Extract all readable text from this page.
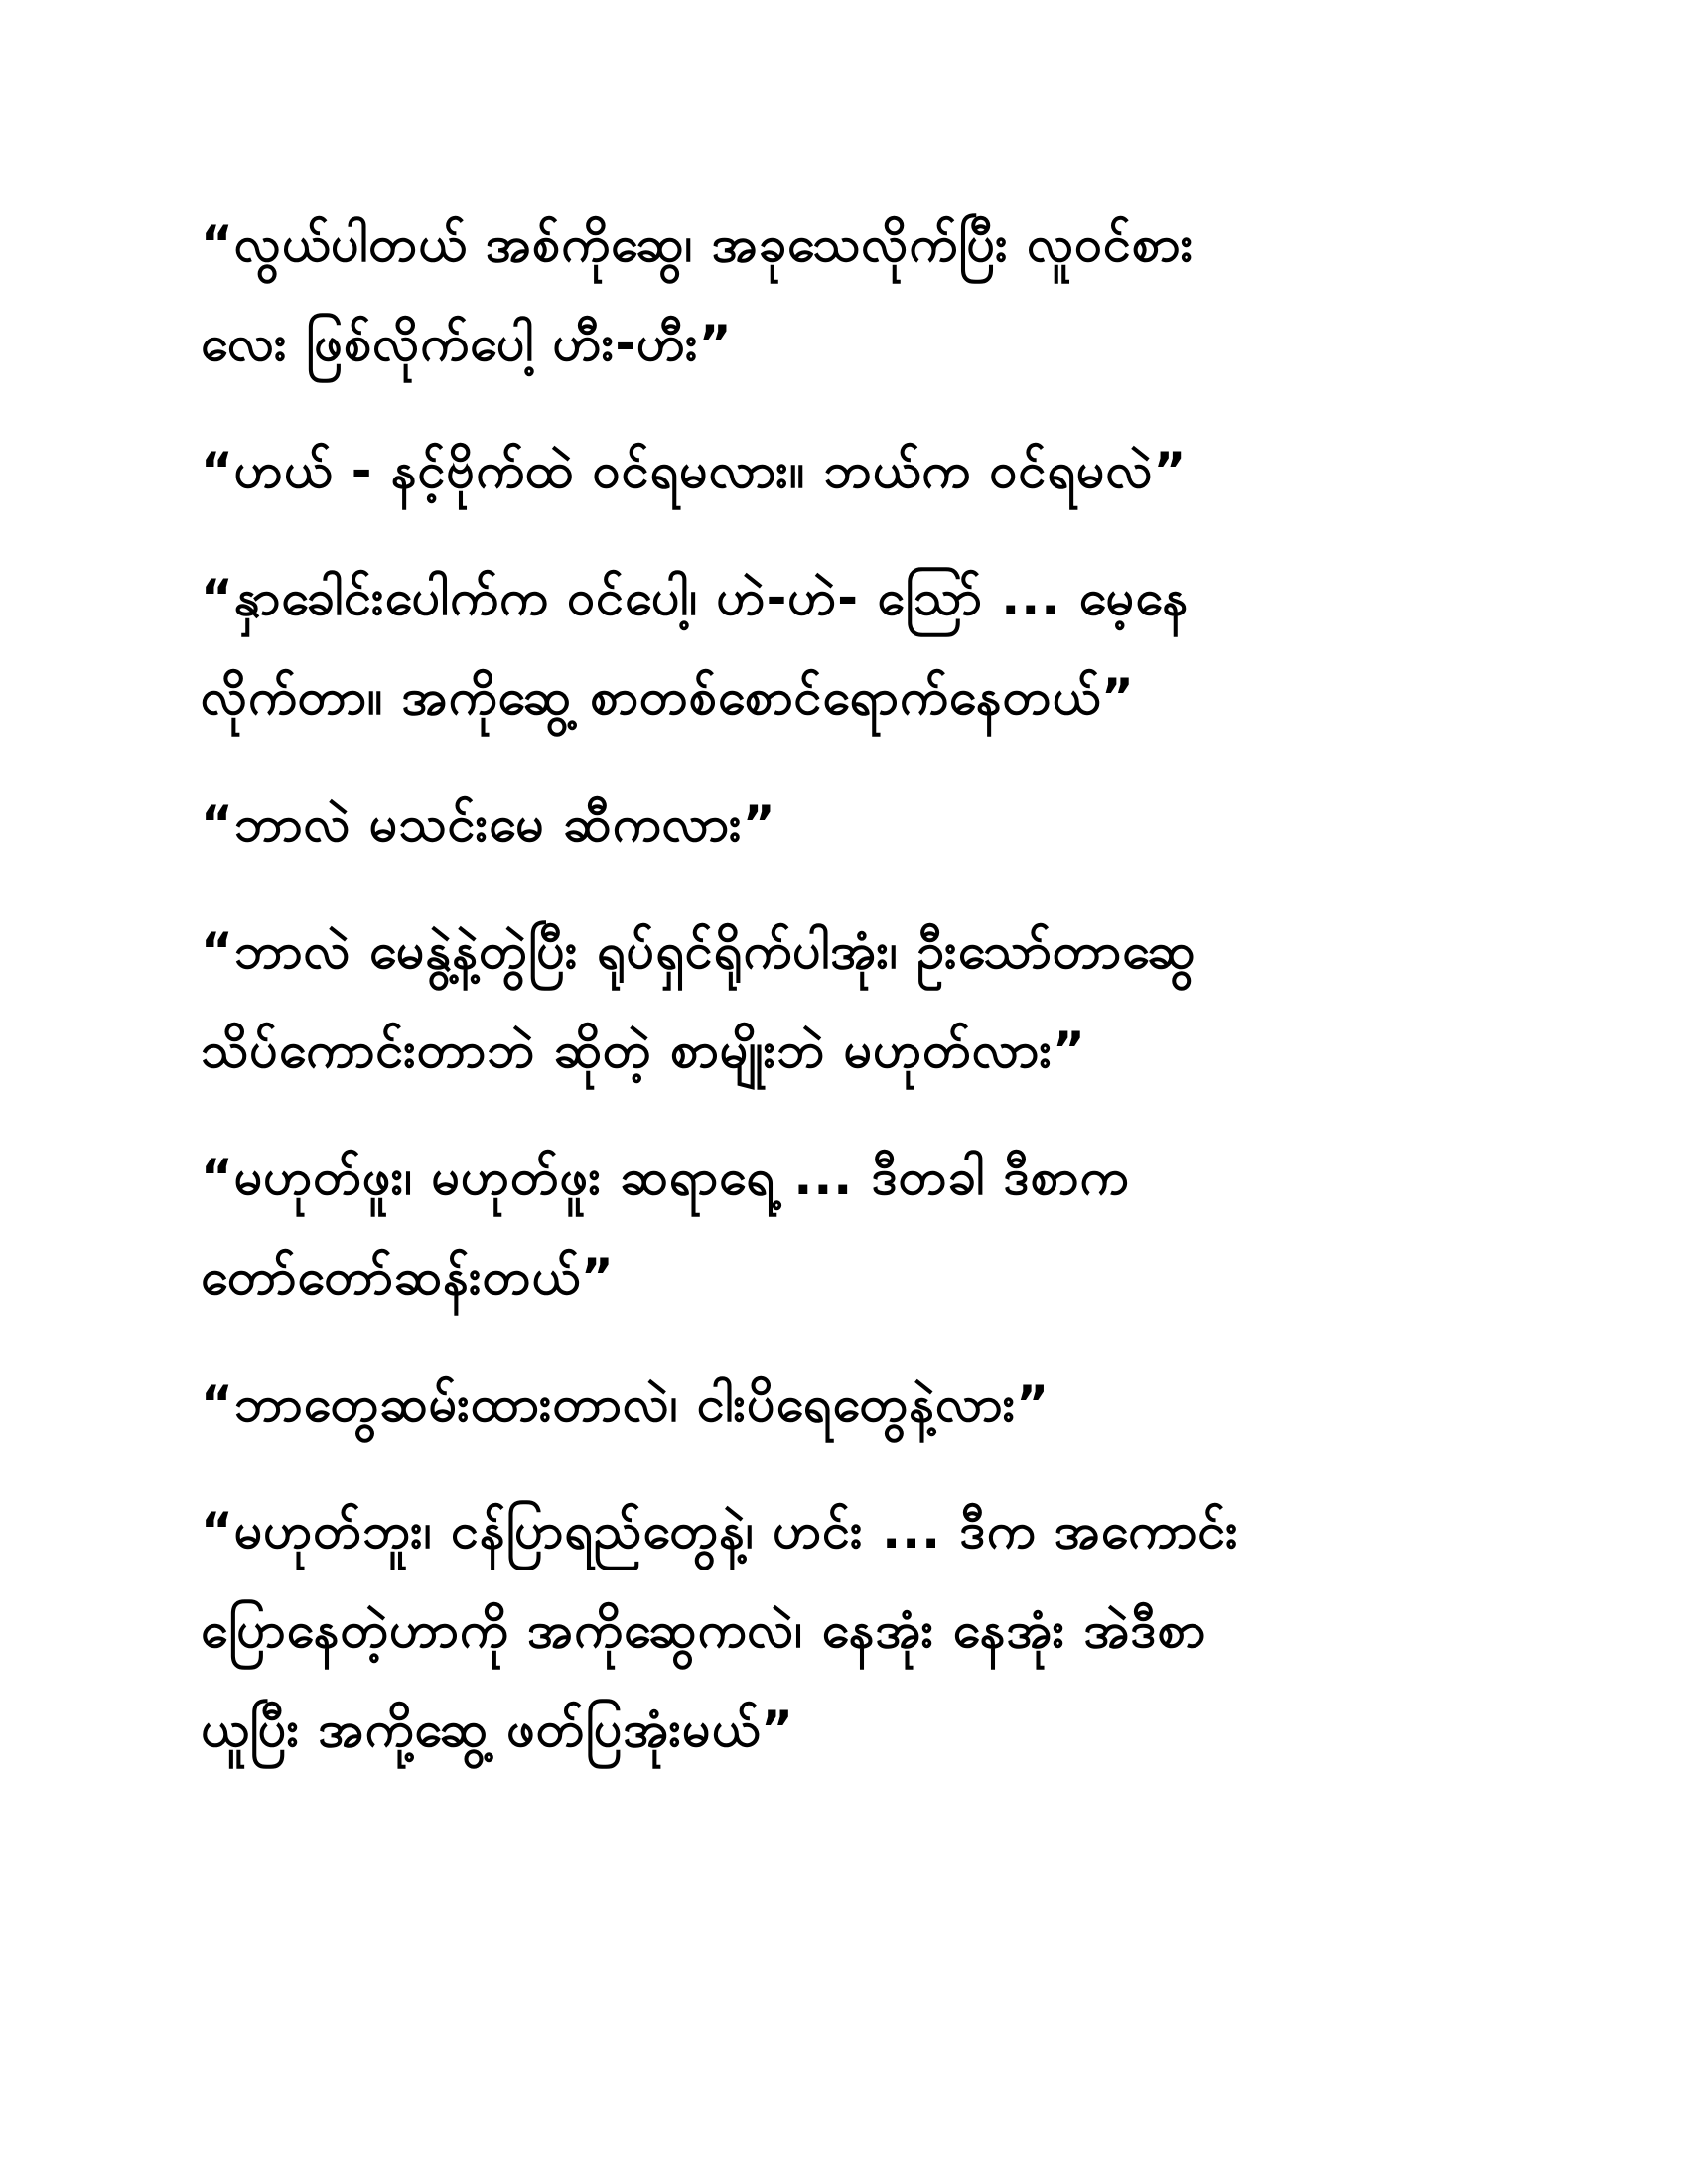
“လွယ်ပါတယ် အစ်ကိုဆွေ၊ အခုသေလိုက်ပြီး လူဝင်စား
လေး ဖြစ်လိုက်ပေါ့ ဟီး-ဟီး”

“ဟယ် - နင့်ဗိုက်ထဲ ဝင်ရမလား။ ဘယ်က ဝင်ရမလဲ”

“နှာခေါင်းပေါက်က ဝင်ပေါ့၊ ဟဲ-ဟဲ- သြော် ... မေ့နေ
လိုက်တာ။ အကိုဆွေ့ စာတစ်စောင်ရောက်နေတယ်”

“ဘာလဲ မသင်းမေ ဆီကလား”

“ဘာလဲ မေနွဲ့နဲ့တွဲပြီး ရုပ်ရှင်ရိုက်ပါအုံး၊ ဦးသော်တာဆွေ
သိပ်ကောင်းတာဘဲ ဆိုတဲ့ စာမျိုးဘဲ မဟုတ်လား”

“မဟုတ်ဖူး၊ မဟုတ်ဖူး ဆရာရေ့ ... ဒီတခါ ဒီစာက
တော်တော်ဆန်းတယ်”

“ဘာတွေဆမ်းထားတာလဲ၊ ငါးပိရေတွေနဲ့လား”

“မဟုတ်ဘူး၊ ငန်ပြာရည်တွေနဲ့၊ ဟင်း ... ဒီက အကောင်း
ပြောနေတဲ့ဟာကို အကိုဆွေကလဲ၊ နေအုံး နေအုံး အဲဒီစာ
ယူပြီး အကို့ဆွေ့ ဖတ်ပြအုံးမယ်”
